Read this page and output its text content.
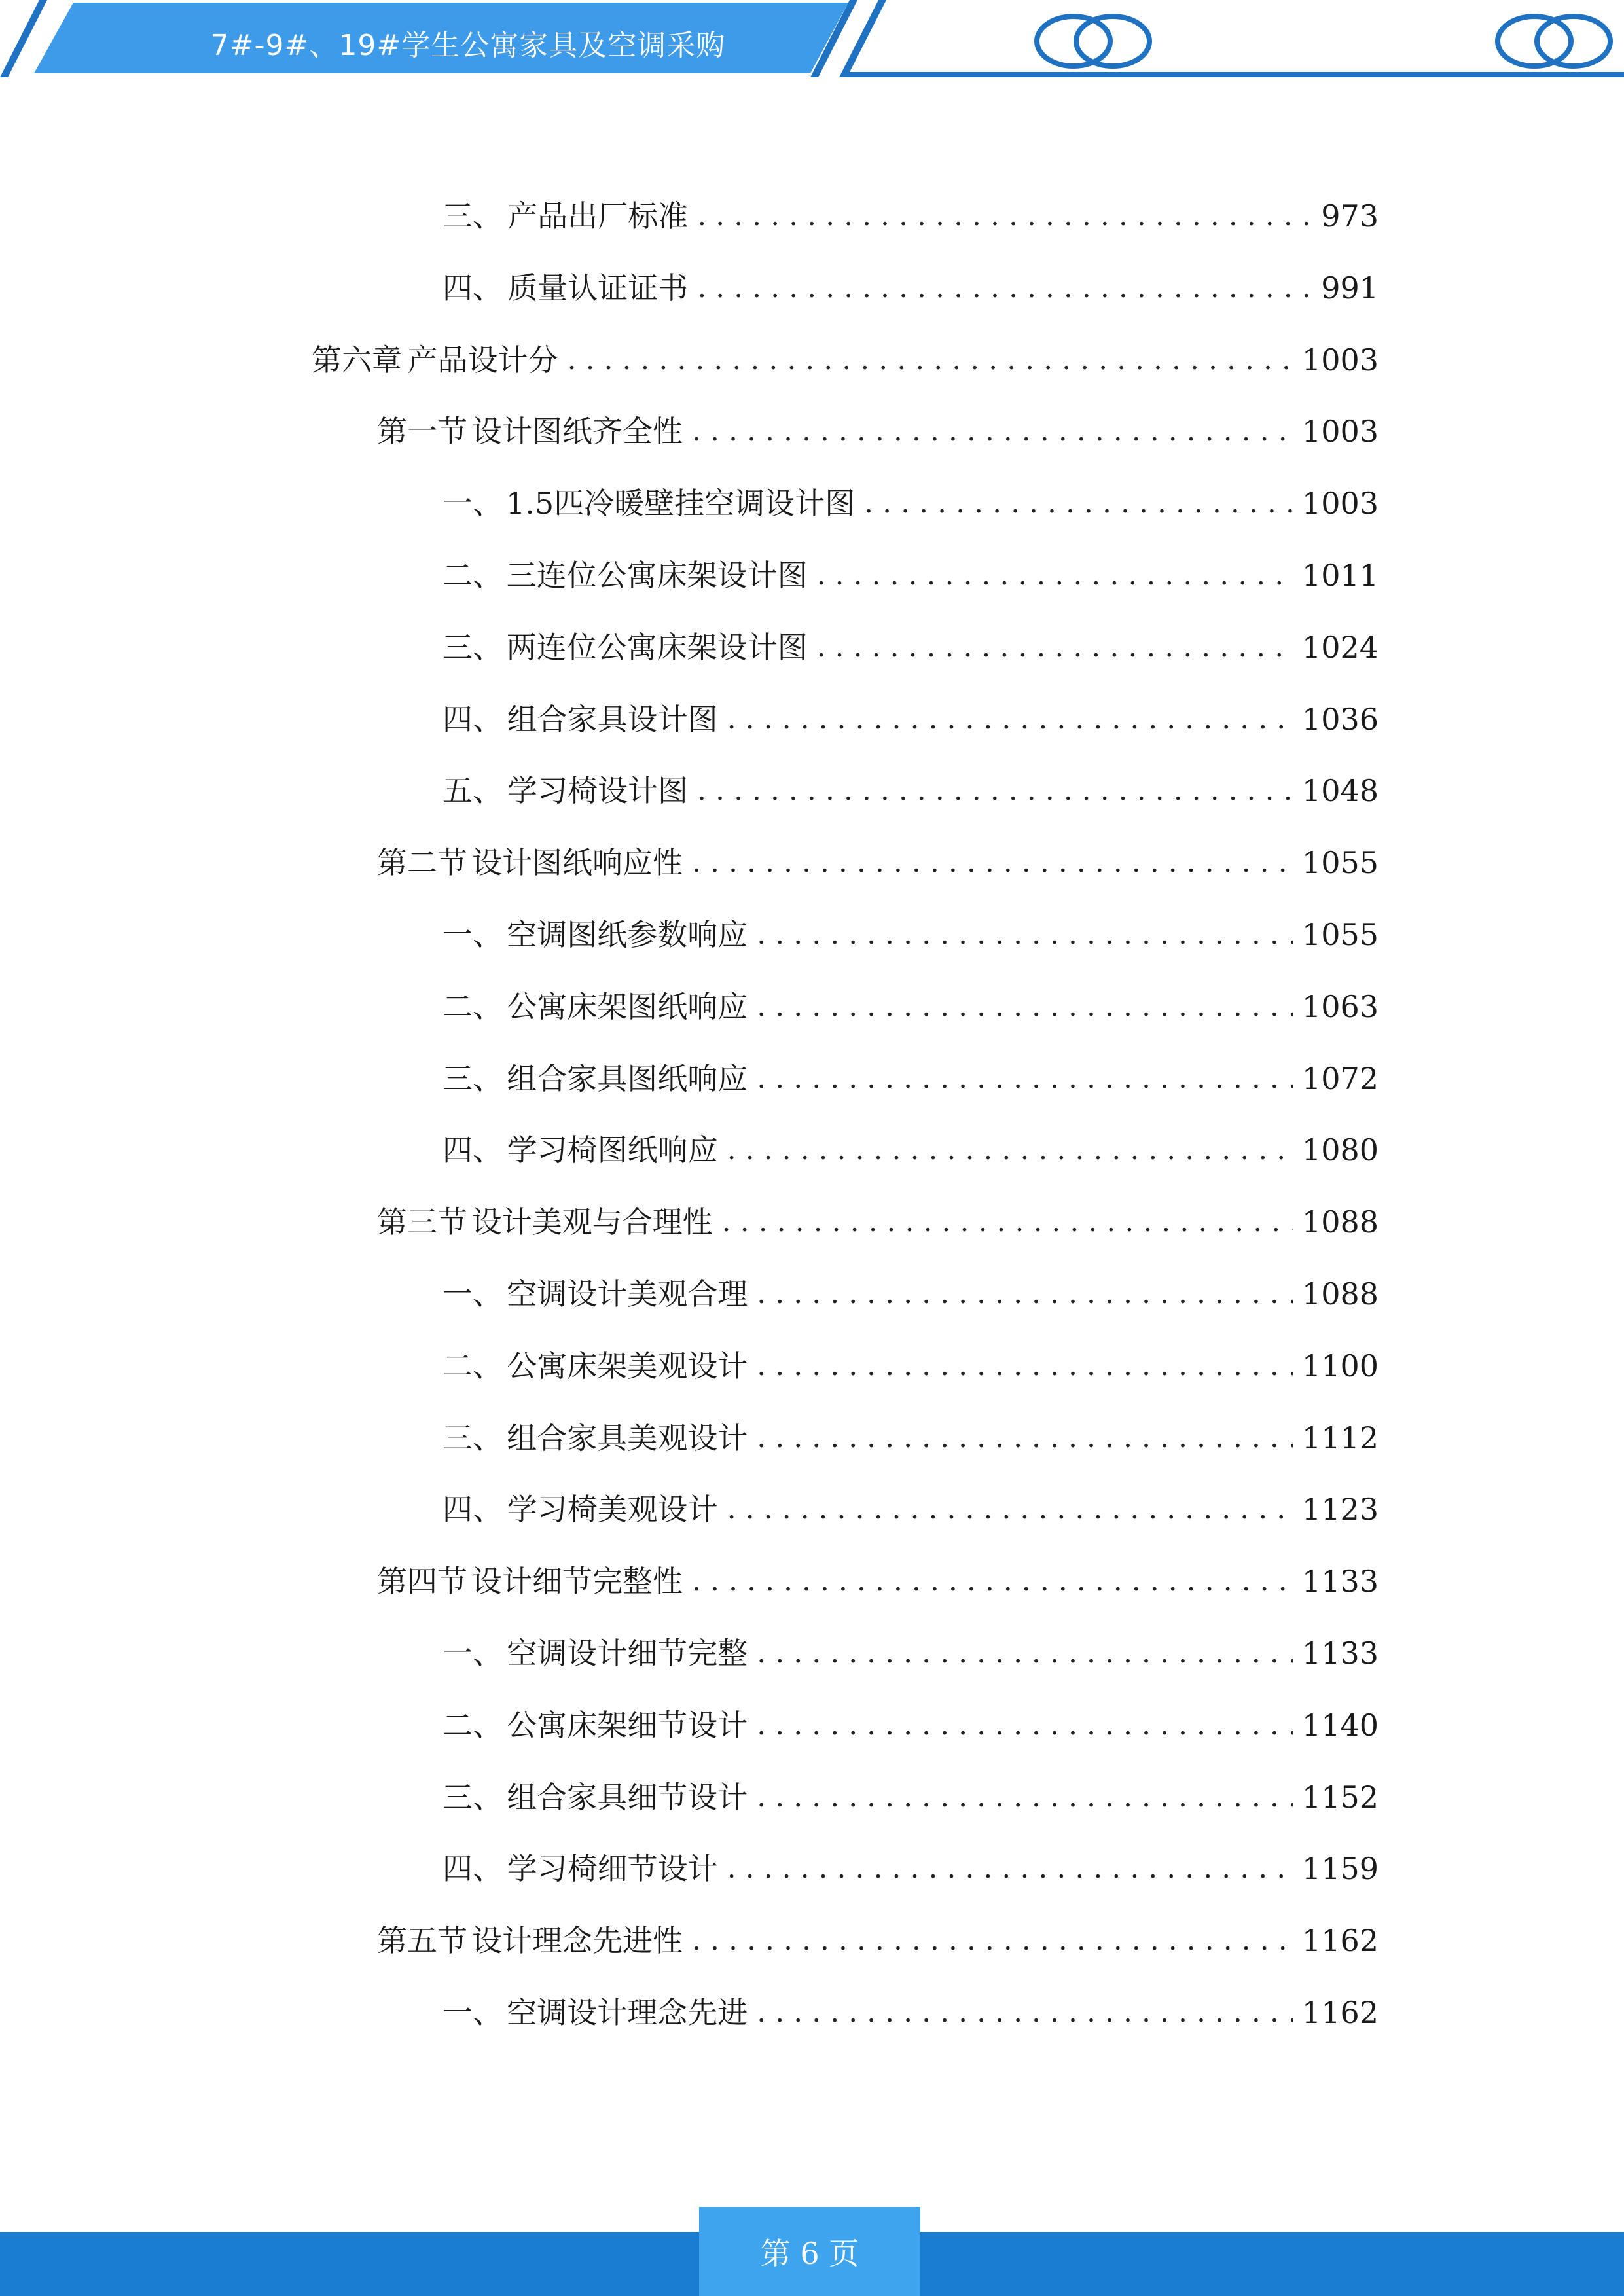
7#-9#、19#学生公寓家具及空调采购
三、 产品出厂标准 .....	973
四、 质量认证证书 .....	991
第六章 产品设计分 .....	1003
第一节 设计图纸齐全性 .....	1003
一、 1.5匹冷暖壁挂空调设计图 .....	1003
二、 三连位公寓床架设计图 .....	1011
三、 两连位公寓床架设计图 .....	1024
四、 组合家具设计图 .....	1036
五、 学习椅设计图 .....	1048
第二节 设计图纸响应性 .....	1055
一、 空调图纸参数响应 .....	1055
二、 公寓床架图纸响应 .....	1063
三、 组合家具图纸响应 .....	1072
四、 学习椅图纸响应 .....	1080
第三节 设计美观与合理性 .....	1088
一、 空调设计美观合理 .....	1088
二、 公寓床架美观设计 .....	1100
三、 组合家具美观设计 .....	1112
四、 学习椅美观设计 .....	1123
第四节 设计细节完整性 .....	1133
一、 空调设计细节完整 .....	1133
二、 公寓床架细节设计 .....	1140
三、 组合家具细节设计 .....	1152
四、 学习椅细节设计 .....	1159
第五节 设计理念先进性 .....	1162
一、 空调设计理念先进 .....	1162
第 6 页
